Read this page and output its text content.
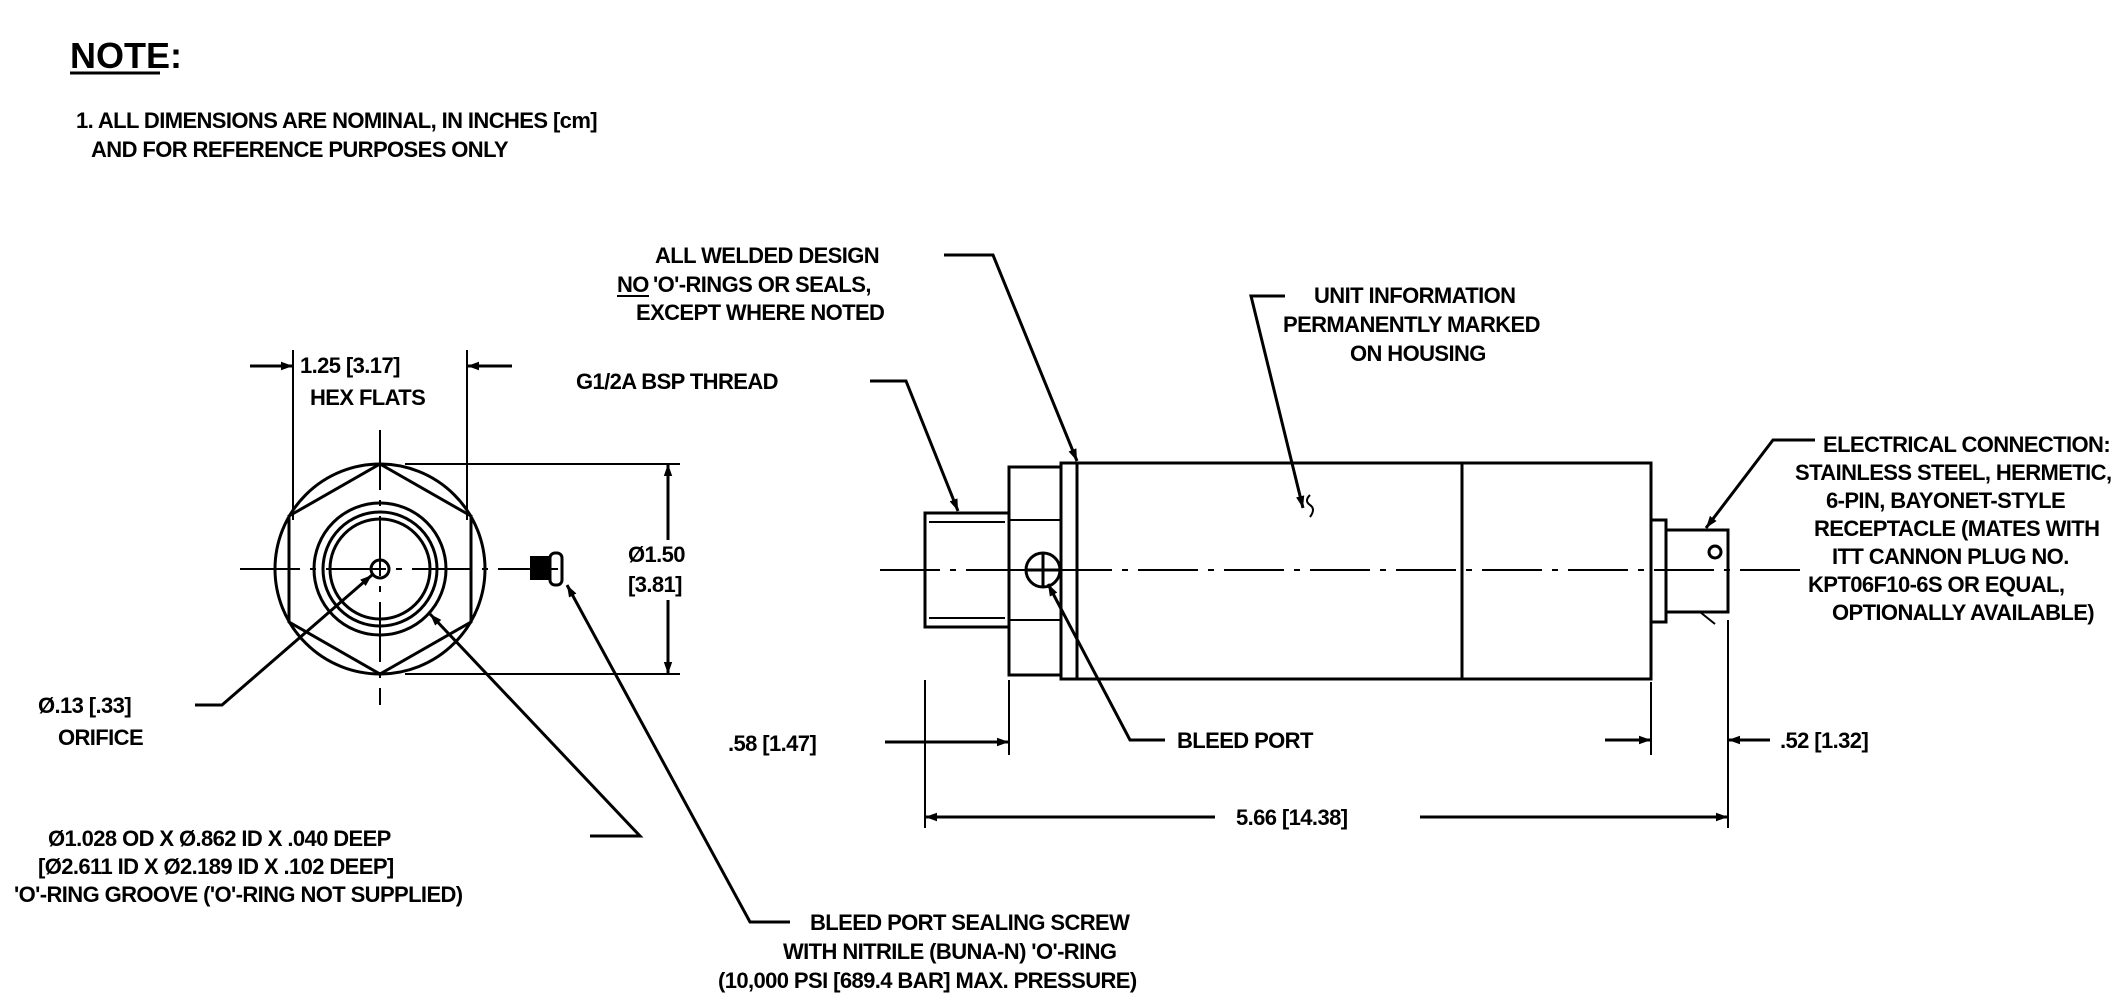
NOTE:
1. ALL DIMENSIONS ARE NOMINAL, IN INCHES [cm]
AND FOR REFERENCE PURPOSES ONLY
1.25 [3.17]
HEX FLATS
Ø1.50
[3.81]
Ø.13 [.33]
ORIFICE
Ø1.028 OD X Ø.862 ID X .040 DEEP
[Ø2.611 ID X Ø2.189 ID X .102 DEEP]
'O'-RING GROOVE ('O'-RING NOT SUPPLIED)
BLEED PORT SEALING SCREW
WITH NITRILE (BUNA-N) 'O'-RING
(10,000 PSI [689.4 BAR] MAX. PRESSURE)
ALL WELDED DESIGN
NO 'O'-RINGS OR SEALS,
EXCEPT WHERE NOTED
G1/2A BSP THREAD
UNIT INFORMATION
PERMANENTLY MARKED
ON HOUSING
ELECTRICAL CONNECTION:
STAINLESS STEEL, HERMETIC,
6-PIN, BAYONET-STYLE
RECEPTACLE (MATES WITH
ITT CANNON PLUG NO.
KPT06F10-6S OR EQUAL,
OPTIONALLY AVAILABLE)
BLEED PORT
.58 [1.47]	.52 [1.32]
5.66 [14.38]
